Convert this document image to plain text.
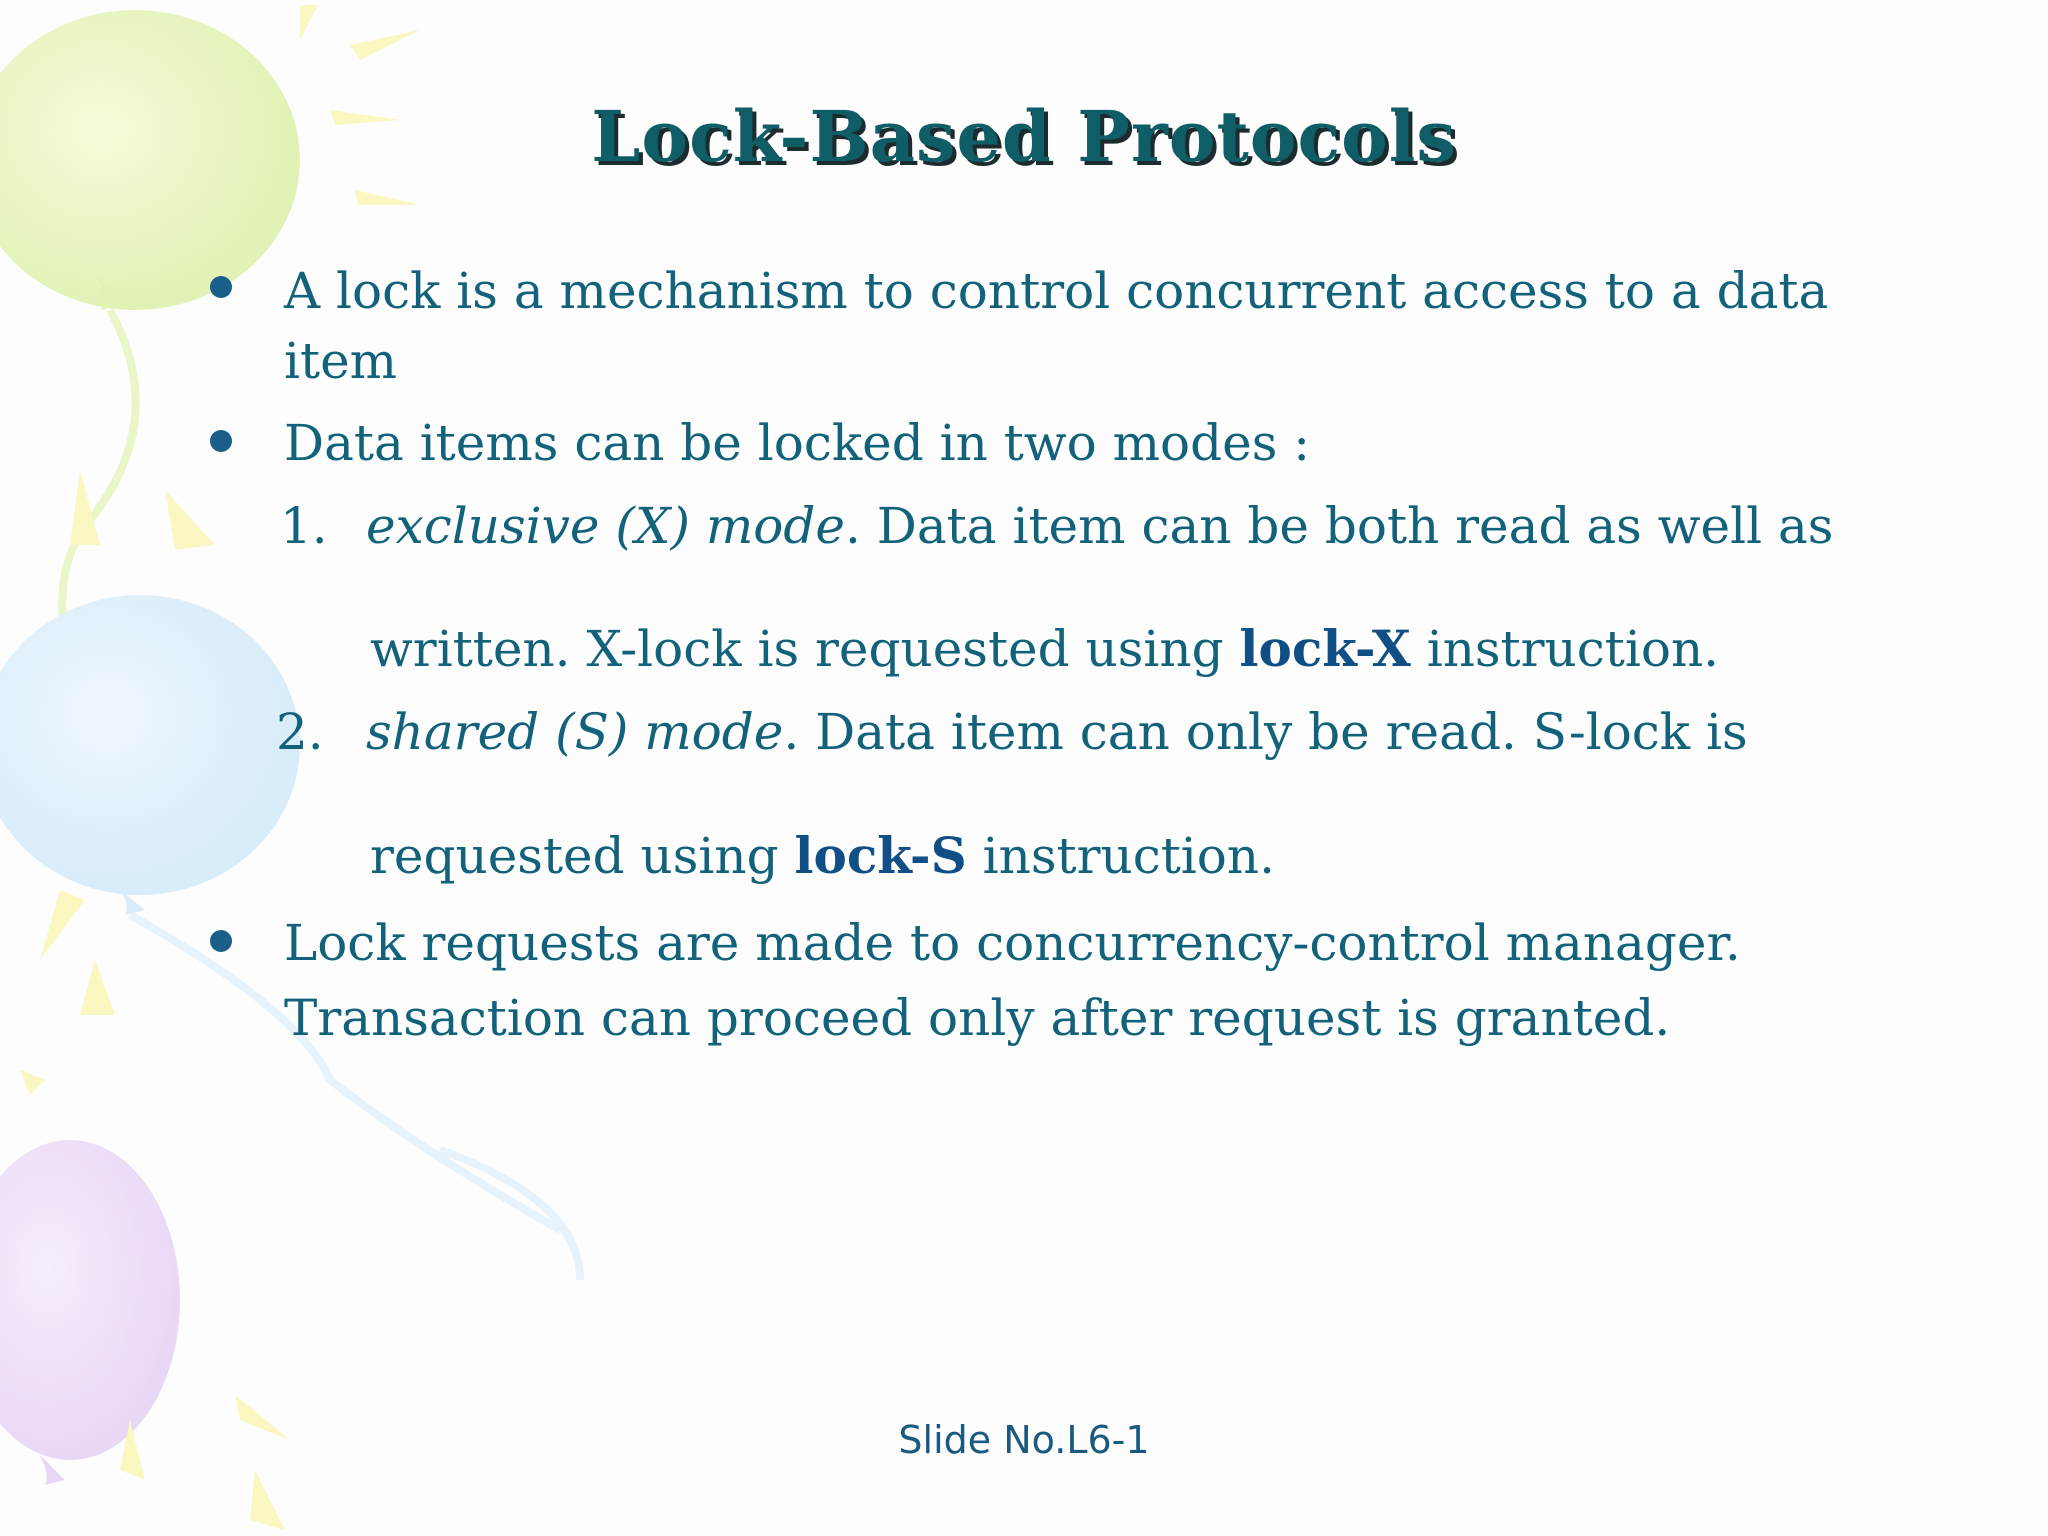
Lock-Based Protocols
A lock is a mechanism to control concurrent access to a data
item
Data items can be locked in two modes :
1. exclusive (X) mode. Data item can be both read as well as
written. X-lock is requested using lock-X instruction.
2. shared (S) mode. Data item can only be read. S-lock is
requested using lock-S instruction.
Lock requests are made to concurrency-control manager.
Transaction can proceed only after request is granted.
Slide No.L6-1
